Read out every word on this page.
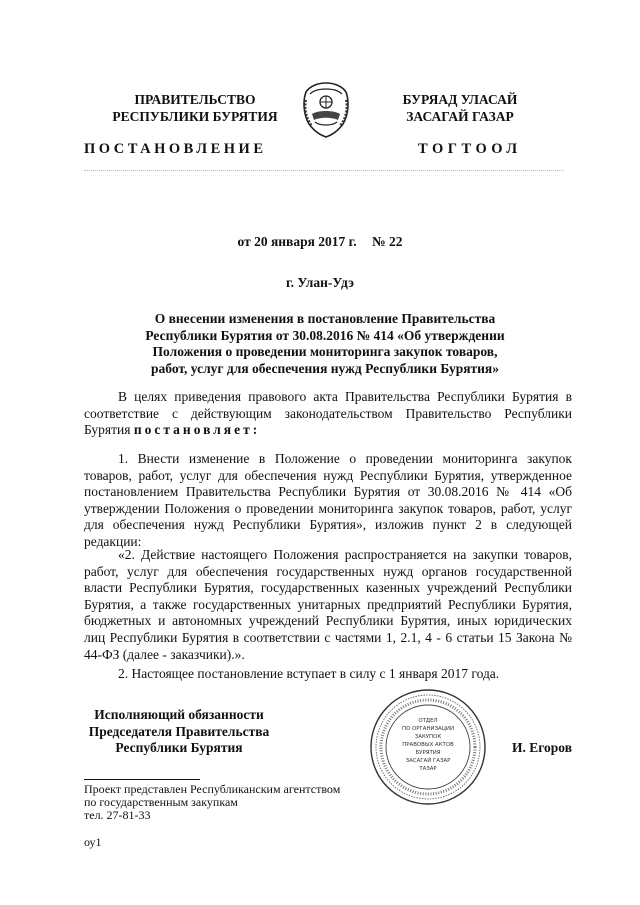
ПРАВИТЕЛЬСТВО
РЕСПУБЛИКИ БУРЯТИЯ
БУРЯАД УЛАСАЙ
ЗАСАГАЙ ГАЗАР
ПОСТАНОВЛЕНИЕ	ТОГТООЛ
от 20 января 2017 г. № 22
г. Улан-Удэ
О внесении изменения в постановление Правительства
Республики Бурятия от 30.08.2016 № 414 «Об утверждении
Положения о проведении мониторинга закупок товаров,
работ, услуг для обеспечения нужд Республики Бурятия»
В целях приведения правового акта Правительства Республики Бурятия в соответствие с действующим законодательством Правительство Республики Бурятия постановляет:
1. Внести изменение в Положение о проведении мониторинга закупок товаров, работ, услуг для обеспечения нужд Республики Бурятия, утвержденное постановлением Правительства Республики Бурятия от 30.08.2016 № 414 «Об утверждении Положения о проведении мониторинга закупок товаров, работ, услуг для обеспечения нужд Республики Бурятия», изложив пункт 2 в следующей редакции:
«2. Действие настоящего Положения распространяется на закупки товаров, работ, услуг для обеспечения государственных нужд органов государственной власти Республики Бурятия, государственных казенных учреждений Республики Бурятия, а также государственных унитарных предприятий Республики Бурятия, бюджетных и автономных учреждений Республики Бурятия, иных юридических лиц Республики Бурятия в соответствии с частями 1, 2.1, 4 - 6 статьи 15 Закона № 44-ФЗ (далее - заказчики).».
2. Настоящее постановление вступает в силу с 1 января 2017 года.
Исполняющий обязанности
Председателя Правительства
Республики Бурятия
ОТДЕЛ
ПО ОРГАНИЗАЦИИ
ЗАКУПОК
ПРАВОВЫХ АКТОВ
БУРЯТИЯ
ЗАСАГАЙ ГАЗАР
ТАЗАР
И. Егоров
Проект представлен Республиканским агентством
по государственным закупкам
тел. 27-81-33
оу1
